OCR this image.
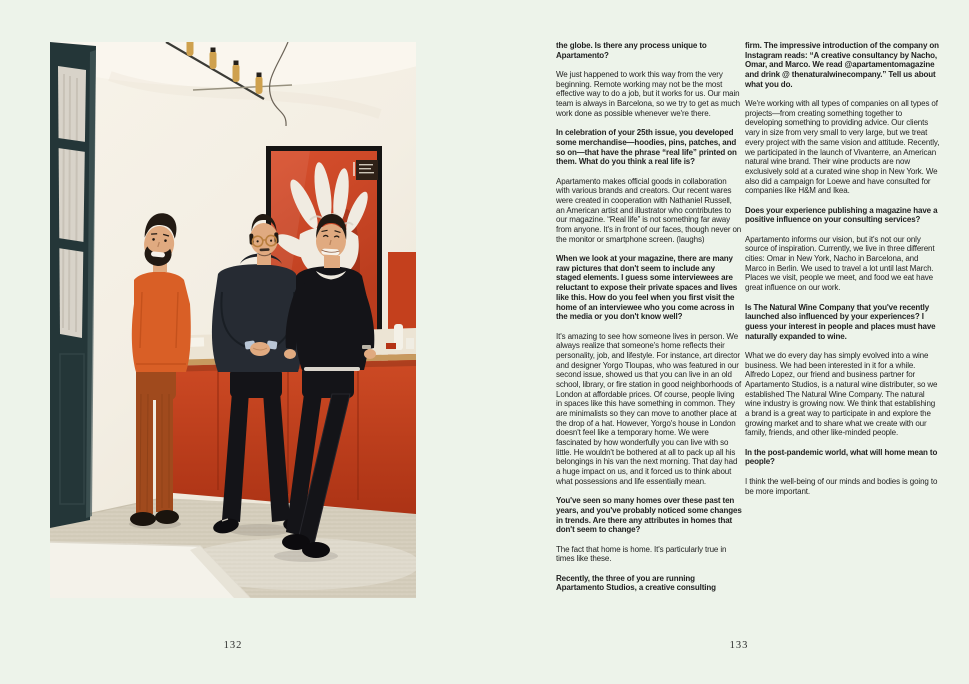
132

the globe. Is there any process unique to Apartamento?

We just happened to work this way from the very beginning. Remote working may not be the most effective way to do a job, but it works for us. Our main team is always in Barcelona, so we try to get as much work done as possible whenever we're there.

In celebration of your 25th issue, you developed some merchandise—hoodies, pins, patches, and so on—that have the phrase “real life” printed on them. What do you think a real life is?

Apartamento makes official goods in collaboration with various brands and creators. Our recent wares were created in cooperation with Nathaniel Russell, an American artist and illustrator who contributes to our magazine. “Real life” is not something far away from anyone. It's in front of our faces, though never on the monitor or smartphone screen. (laughs)

When we look at your magazine, there are many raw pictures that don't seem to include any staged elements. I guess some interviewees are reluctant to expose their private spaces and lives like this. How do you feel when you first visit the home of an interviewee who you come across in the media or you don't know well?

It's amazing to see how someone lives in person. We always realize that someone's home reflects their personality, job, and lifestyle. For instance, art director and designer Yorgo Tloupas, who was featured in our second issue, showed us that you can live in an old school, library, or fire station in good neighborhoods of London at affordable prices. Of course, people living in spaces like this have something in common. They are minimalists so they can move to another place at the drop of a hat. However, Yorgo's house in London doesn't feel like a temporary home. We were fascinated by how wonderfully you can live with so little. He wouldn't be bothered at all to pack up all his belongings in his van the next morning. That day had a huge impact on us, and it forced us to think about what possessions and life essentially mean.

You've seen so many homes over these past ten years, and you've probably noticed some changes in trends. Are there any attributes in homes that don't seem to change?

The fact that home is home. It's particularly true in times like these.

Recently, the three of you are running Apartamento Studios, a creative consulting

firm. The impressive introduction of the company on Instagram reads: “A creative consultancy by Nacho, Omar, and Marco. We read @apartamentomagazine and drink @ thenaturalwinecompany.” Tell us about what you do.

We're working with all types of companies on all types of projects—from creating something together to developing something to providing advice. Our clients vary in size from very small to very large, but we treat every project with the same vision and attitude. Recently, we participated in the launch of Vivanterre, an American natural wine brand. Their wine products are now exclusively sold at a curated wine shop in New York. We also did a campaign for Loewe and have consulted for companies like H&M and Ikea.

Does your experience publishing a magazine have a positive influence on your consulting services?

Apartamento informs our vision, but it's not our only source of inspiration. Currently, we live in three different cities: Omar in New York, Nacho in Barcelona, and Marco in Berlin. We used to travel a lot until last March. Places we visit, people we meet, and food we eat have great influence on our work.

Is The Natural Wine Company that you've recently launched also influenced by your experiences? I guess your interest in people and places must have naturally expanded to wine.

What we do every day has simply evolved into a wine business. We had been interested in it for a while. Alfredo Lopez, our friend and business partner for Apartamento Studios, is a natural wine distributer, so we established The Natural Wine Company. The natural wine industry is growing now. We think that establishing a brand is a great way to participate in and explore the growing market and to share what we create with our family, friends, and other like-minded people.

In the post-pandemic world, what will home mean to people?

I think the well-being of our minds and bodies is going to be more important.

133
